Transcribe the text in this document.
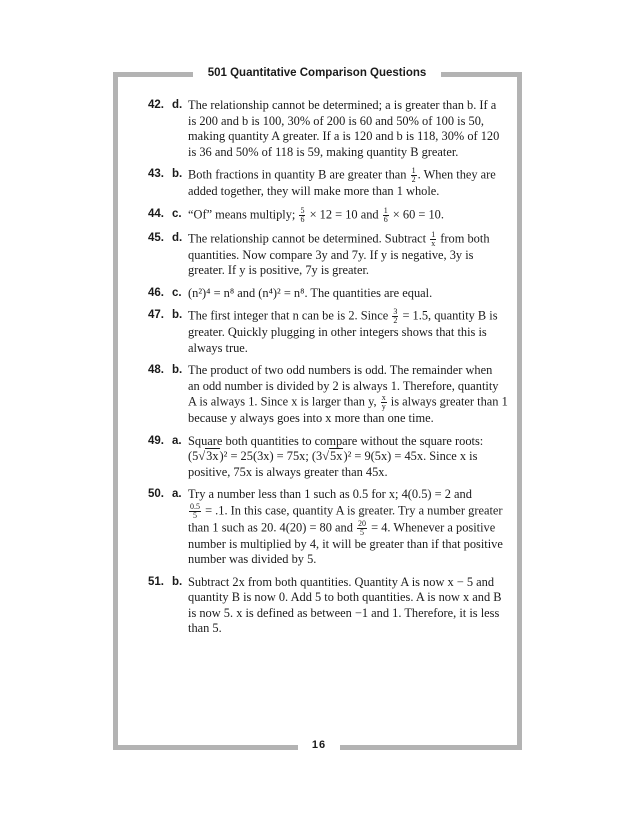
501 Quantitative Comparison Questions
42. d. The relationship cannot be determined; a is greater than b. If a
is 200 and b is 100, 30% of 200 is 60 and 50% of 100 is 50,
making quantity A greater. If a is 120 and b is 118, 30% of 120
is 36 and 50% of 118 is 59, making quantity B greater.
43. b. Both fractions in quantity B are greater than $\frac{1}{2}$ . When they are
added together, they will make more than 1 whole.
44. c. “Of” means multiply; $\frac{5}{6} \times 12 = 10$ and $\frac{1}{6} \times 60 = 10$.
45. d. The relationship cannot be determined. Subtract $\frac{1}{x}$ from both
quantities. Now compare 3y and 7y. If y is negative, 3y is
greater. If y is positive, 7y is greater.
46. c. (n²)⁴ = n⁸ and (n⁴)² = n⁸. The quantities are equal.
47. b. The first integer that n can be is 2. Since $\frac{3}{2} = 1.5$, quantity B is
greater. Quickly plugging in other integers shows that this is
always true.
48. b. The product of two odd numbers is odd. The remainder when
an odd number is divided by 2 is always 1. Therefore, quantity
A is always 1. Since x is larger than y, $\frac{x}{y}$ is always greater than 1
because y always goes into x more than one time.
49. a. Square both quantities to compare without the square roots:
(5√3x)² = 25(3x) = 75x; (3√5x)² = 9(5x) = 45x. Since x is
positive, 75x is always greater than 45x.
50. a. Try a number less than 1 such as 0.5 for x; 4(0.5) = 2 and
$\frac{0.5}{5} = .1$. In this case, quantity A is greater. Try a number greater
than 1 such as 20. 4(20) = 80 and $\frac{20}{5} = 4$. Whenever a positive
number is multiplied by 4, it will be greater than if that positive
number was divided by 5.
51. b. Subtract 2x from both quantities. Quantity A is now x − 5 and
quantity B is now 0. Add 5 to both quantities. A is now x and B
is now 5. x is defined as between −1 and 1. Therefore, it is less
than 5.
16
